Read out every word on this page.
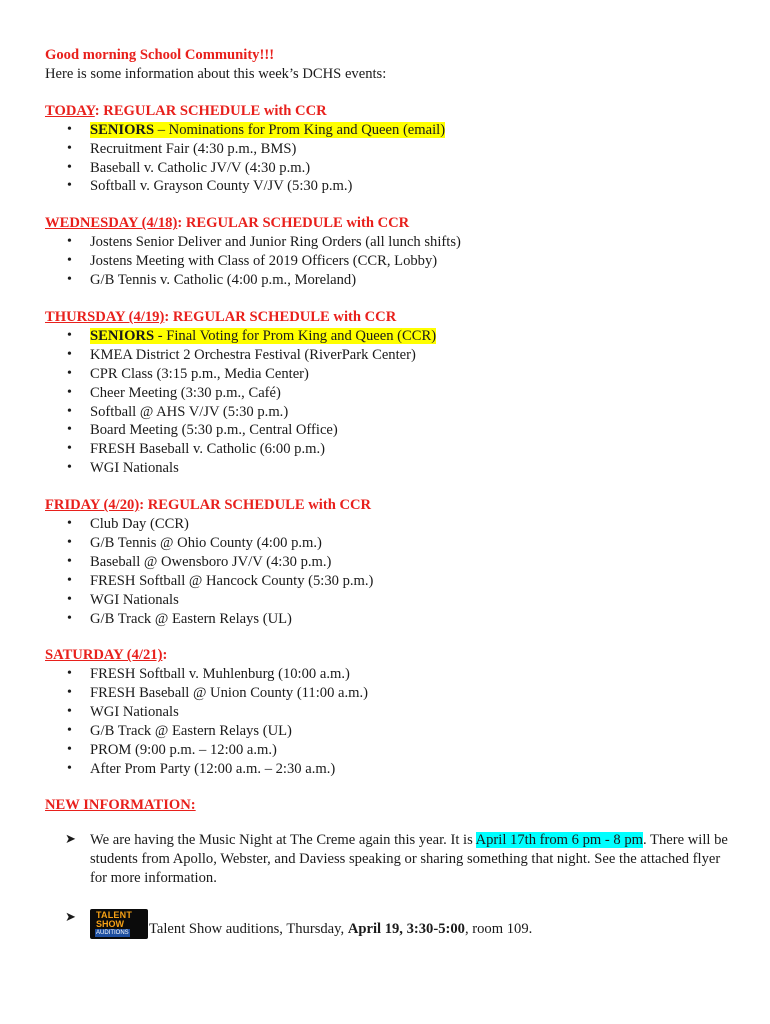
Good morning School Community!!!
Here is some information about this week’s DCHS events:
TODAY: REGULAR SCHEDULE with CCR
• SENIORS – Nominations for Prom King and Queen (email)
• Recruitment Fair (4:30 p.m., BMS)
• Baseball v. Catholic JV/V (4:30 p.m.)
• Softball v. Grayson County V/JV (5:30 p.m.)
WEDNESDAY (4/18): REGULAR SCHEDULE with CCR
• Jostens Senior Deliver and Junior Ring Orders (all lunch shifts)
• Jostens Meeting with Class of 2019 Officers (CCR, Lobby)
• G/B Tennis v. Catholic (4:00 p.m., Moreland)
THURSDAY (4/19): REGULAR SCHEDULE with CCR
• SENIORS - Final Voting for Prom King and Queen (CCR)
• KMEA District 2 Orchestra Festival (RiverPark Center)
• CPR Class (3:15 p.m., Media Center)
• Cheer Meeting (3:30 p.m., Café)
• Softball @ AHS V/JV (5:30 p.m.)
• Board Meeting (5:30 p.m., Central Office)
• FRESH Baseball v. Catholic (6:00 p.m.)
• WGI Nationals
FRIDAY (4/20): REGULAR SCHEDULE with CCR
• Club Day (CCR)
• G/B Tennis @ Ohio County (4:00 p.m.)
• Baseball @ Owensboro JV/V (4:30 p.m.)
• FRESH Softball @ Hancock County (5:30 p.m.)
• WGI Nationals
• G/B Track @ Eastern Relays (UL)
SATURDAY (4/21):
• FRESH Softball v. Muhlenburg (10:00 a.m.)
• FRESH Baseball @ Union County (11:00 a.m.)
• WGI Nationals
• G/B Track @ Eastern Relays (UL)
• PROM (9:00 p.m. – 12:00 a.m.)
• After Prom Party (12:00 a.m. – 2:30 a.m.)
NEW INFORMATION:
➤ We are having the Music Night at The Creme again this year. It is April 17th from 6 pm - 8 pm. There will be students from Apollo, Webster, and Daviess speaking or sharing something that night. See the attached flyer for more information.
➤ TALENT
SHOW
AUDITIONS Talent Show auditions, Thursday, April 19, 3:30-5:00, room 109.
